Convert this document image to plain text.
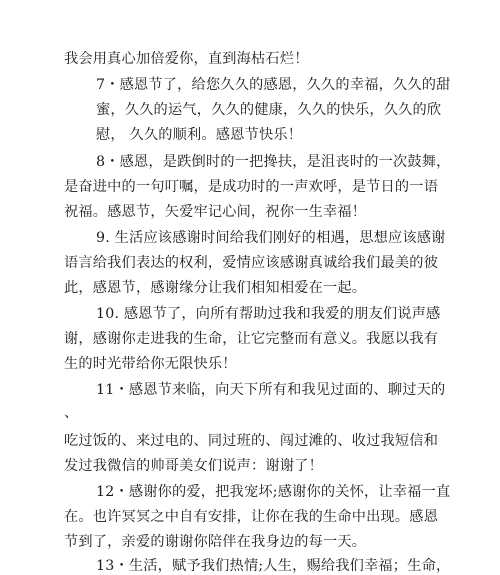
我会用真心加倍爱你，直到海枯石烂！
7・感恩节了，给您久久的感恩，久久的幸福，久久的甜
蜜，久久的运气，久久的健康，久久的快乐，久久的欣
慰， 久久的顺利。感恩节快乐！
8・感恩，是跌倒时的一把搀扶，是沮丧时的一次鼓舞，
是奋进中的一句叮嘱，是成功时的一声欢呼，是节日的一语
祝福。感恩节，矢爱牢记心间，祝你一生幸福！
9. 生活应该感谢时间给我们刚好的相遇，思想应该感谢
语言给我们表达的权利，爱情应该感谢真诚给我们最美的彼
此，感恩节，感谢缘分让我们相知相爱在一起。
10. 感恩节了，向所有帮助过我和我爱的朋友们说声感
谢，感谢你走进我的生命，让它完整而有意义。我愿以我有
生的时光带给你无限快乐！
11・感恩节来临，向天下所有和我见过面的、聊过天的
、
吃过饭的、来过电的、同过班的、闯过滩的、收过我短信和
发过我微信的帅哥美女们说声：谢谢了！
12・感谢你的爱，把我宠坏;感谢你的关怀，让幸福一直
在。也许冥冥之中自有安排，让你在我的生命中出现。感恩
节到了，亲爱的谢谢你陪伴在我身边的每一天。
13・生活，赋予我们热情;人生，赐给我们幸福；生命，
